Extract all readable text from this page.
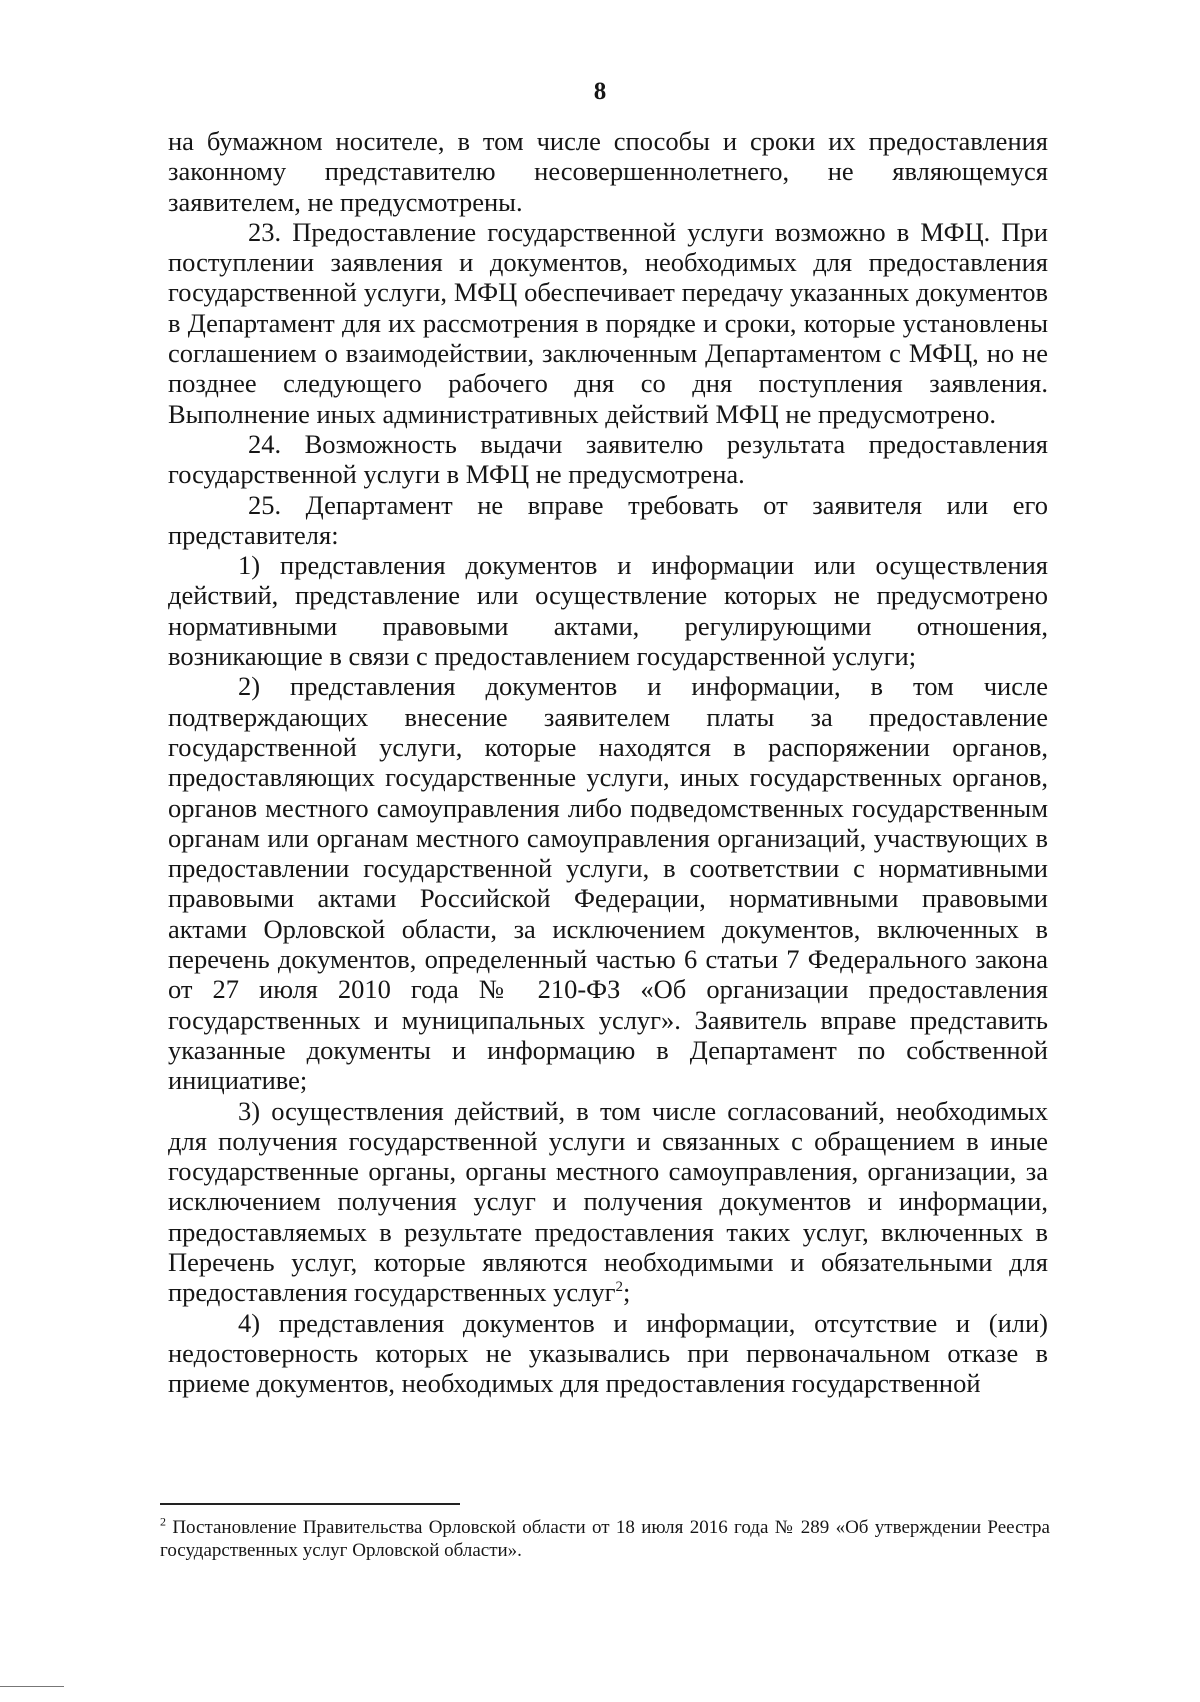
8

на бумажном носителе, в том числе способы и сроки их предоставления законному представителю несовершеннолетнего, не являющемуся заявителем, не предусмотрены.

23. Предоставление государственной услуги возможно в МФЦ. При поступлении заявления и документов, необходимых для предоставления государственной услуги, МФЦ обеспечивает передачу указанных документов в Департамент для их рассмотрения в порядке и сроки, которые установлены соглашением о взаимодействии, заключенным Департаментом с МФЦ, но не позднее следующего рабочего дня со дня поступления заявления. Выполнение иных административных действий МФЦ не предусмотрено.

24. Возможность выдачи заявителю результата предоставления государственной услуги в МФЦ не предусмотрена.

25. Департамент не вправе требовать от заявителя или его представителя:

1) представления документов и информации или осуществления действий, представление или осуществление которых не предусмотрено нормативными правовыми актами, регулирующими отношения, возникающие в связи с предоставлением государственной услуги;

2) представления документов и информации, в том числе подтверждающих внесение заявителем платы за предоставление государственной услуги, которые находятся в распоряжении органов, предоставляющих государственные услуги, иных государственных органов, органов местного самоуправления либо подведомственных государственным органам или органам местного самоуправления организаций, участвующих в предоставлении государственной услуги, в соответствии с нормативными правовыми актами Российской Федерации, нормативными правовыми актами Орловской области, за исключением документов, включенных в перечень документов, определенный частью 6 статьи 7 Федерального закона от 27 июля 2010 года № 210-ФЗ «Об организации предоставления государственных и муниципальных услуг». Заявитель вправе представить указанные документы и информацию в Департамент по собственной инициативе;

3) осуществления действий, в том числе согласований, необходимых для получения государственной услуги и связанных с обращением в иные государственные органы, органы местного самоуправления, организации, за исключением получения услуг и получения документов и информации, предоставляемых в результате предоставления таких услуг, включенных в Перечень услуг, которые являются необходимыми и обязательными для предоставления государственных услуг$^2$;

4) представления документов и информации, отсутствие и (или) недостоверность которых не указывались при первоначальном отказе в приеме документов, необходимых для предоставления государственной

$^2$ Постановление Правительства Орловской области от 18 июля 2016 года № 289 «Об утверждении Реестра государственных услуг Орловской области».
